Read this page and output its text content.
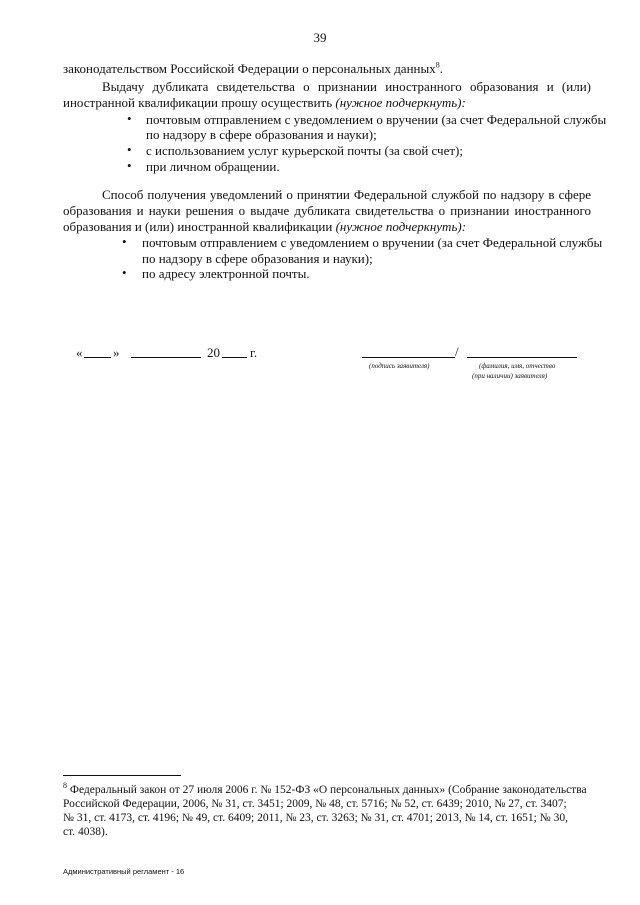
39
законодательством Российской Федерации о персональных данных$^8$.
Выдачу дубликата свидетельства о признании иностранного образования и (или)
иностранной квалификации прошу осуществить (нужное подчеркнуть):
• почтовым отправлением с уведомлением о вручении (за счет Федеральной службы
по надзору в сфере образования и науки);
• с использованием услуг курьерской почты (за свой счет);
• при личном обращении.
Способ получения уведомлений о принятии Федеральной службой по надзору в сфере
образования и науки решения о выдаче дубликата свидетельства о признании иностранного
образования и (или) иностранной квалификации (нужное подчеркнуть):
• почтовым отправлением с уведомлением о вручении (за счет Федеральной службы
по надзору в сфере образования и науки);
• по адресу электронной почты.
« »	20 г.	/
(подпись заявителя)	(фамилия, имя, отчество
(при наличии) заявителя)
$^8$ Федеральный закон от 27 июля 2006 г. № 152-ФЗ «О персональных данных» (Собрание законодательства
Российской Федерации, 2006, № 31, ст. 3451; 2009, № 48, ст. 5716; № 52, ст. 6439; 2010, № 27, ст. 3407;
№ 31, ст. 4173, ст. 4196; № 49, ст. 6409; 2011, № 23, ст. 3263; № 31, ст. 4701; 2013, № 14, ст. 1651; № 30,
ст. 4038).
Административный регламент - 16
